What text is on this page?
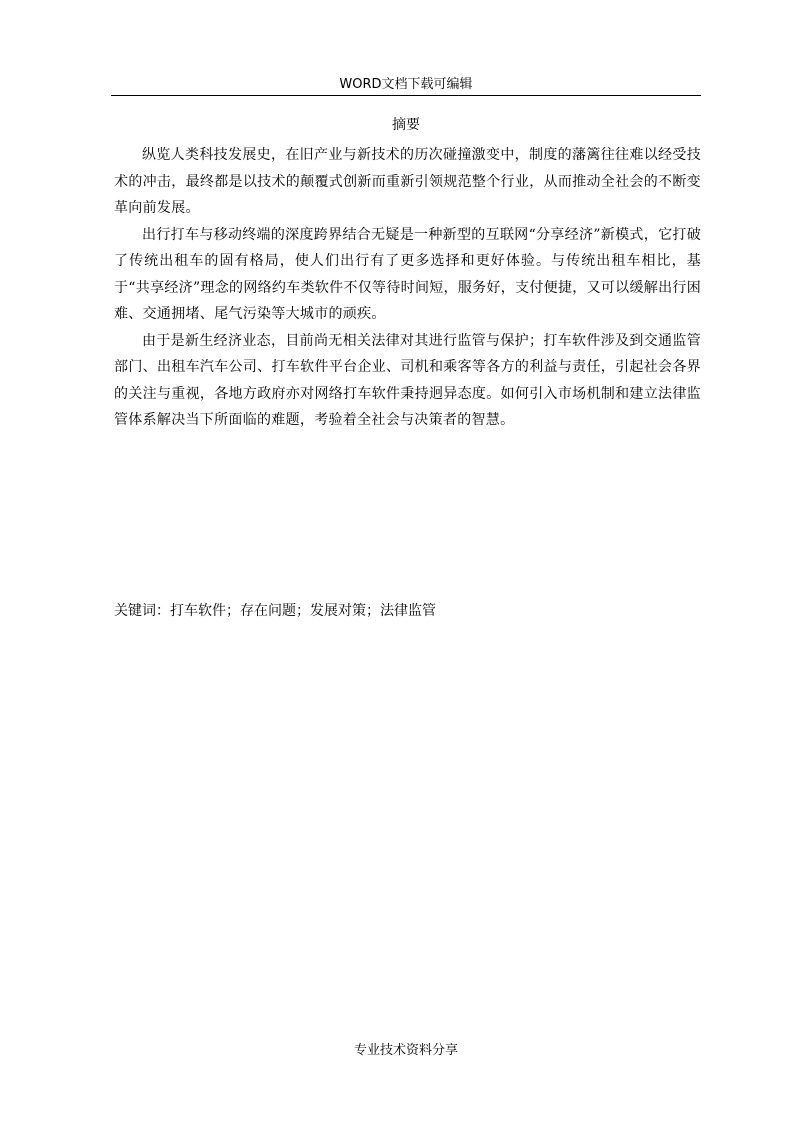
WORD文档下载可编辑
摘要

纵览人类科技发展史，在旧产业与新技术的历次碰撞激变中，制度的藩篱往往难以经受技术的冲击，最终都是以技术的颠覆式创新而重新引领规范整个行业，从而推动全社会的不断变革向前发展。

出行打车与移动终端的深度跨界结合无疑是一种新型的互联网“分享经济”新模式，它打破了传统出租车的固有格局，使人们出行有了更多选择和更好体验。与传统出租车相比，基于“共享经济”理念的网络约车类软件不仅等待时间短，服务好，支付便捷，又可以缓解出行困难、交通拥堵、尾气污染等大城市的顽疾。

由于是新生经济业态，目前尚无相关法律对其进行监管与保护；打车软件涉及到交通监管部门、出租车汽车公司、打车软件平台企业、司机和乘客等各方的利益与责任，引起社会各界的关注与重视，各地方政府亦对网络打车软件秉持迥异态度。如何引入市场机制和建立法律监管体系解决当下所面临的难题，考验着全社会与决策者的智慧。

关键词：打车软件；存在问题；发展对策；法律监管
专业技术资料分享
